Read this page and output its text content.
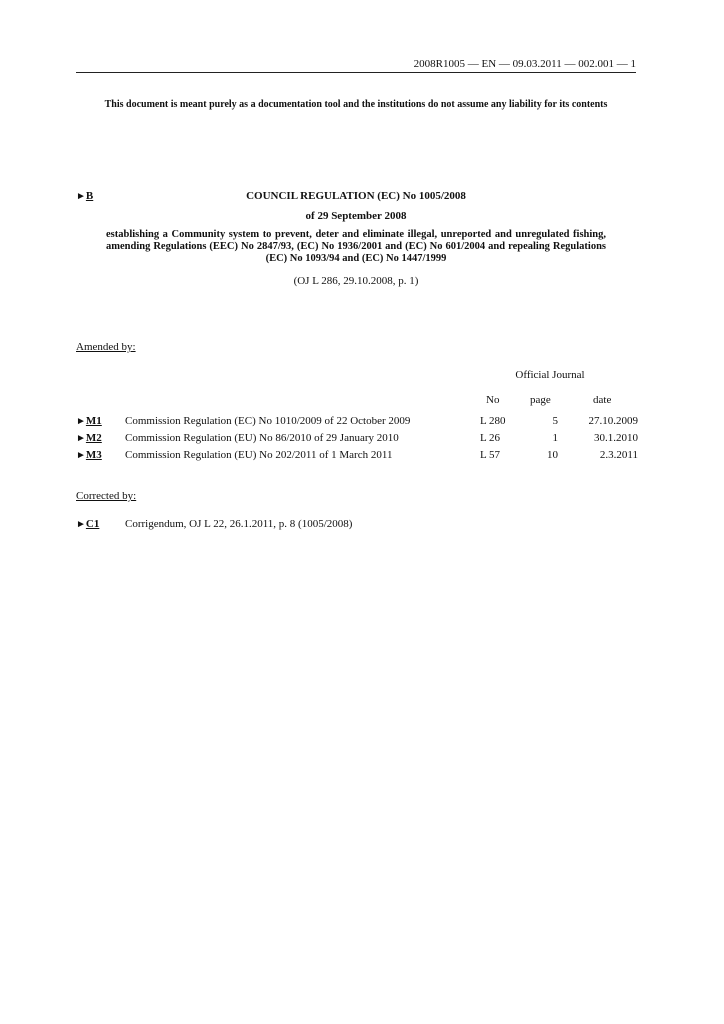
2008R1005 — EN — 09.03.2011 — 002.001 — 1
This document is meant purely as a documentation tool and the institutions do not assume any liability for its contents
►B	COUNCIL REGULATION (EC) No 1005/2008
of 29 September 2008
establishing a Community system to prevent, deter and eliminate illegal, unreported and unregulated fishing, amending Regulations (EEC) No 2847/93, (EC) No 1936/2001 and (EC) No 601/2004 and repealing Regulations (EC) No 1093/94 and (EC) No 1447/1999
(OJ L 286, 29.10.2008, p. 1)
Amended by:
Official Journal
No	page	date
►M1 Commission Regulation (EC) No 1010/2009 of 22 October 2009	L 280	5	27.10.2009
►M2 Commission Regulation (EU) No 86/2010 of 29 January 2010	L 26	1	30.1.2010
►M3 Commission Regulation (EU) No 202/2011 of 1 March 2011	L 57	10	2.3.2011
Corrected by:
►C1 Corrigendum, OJ L 22, 26.1.2011, p. 8 (1005/2008)
